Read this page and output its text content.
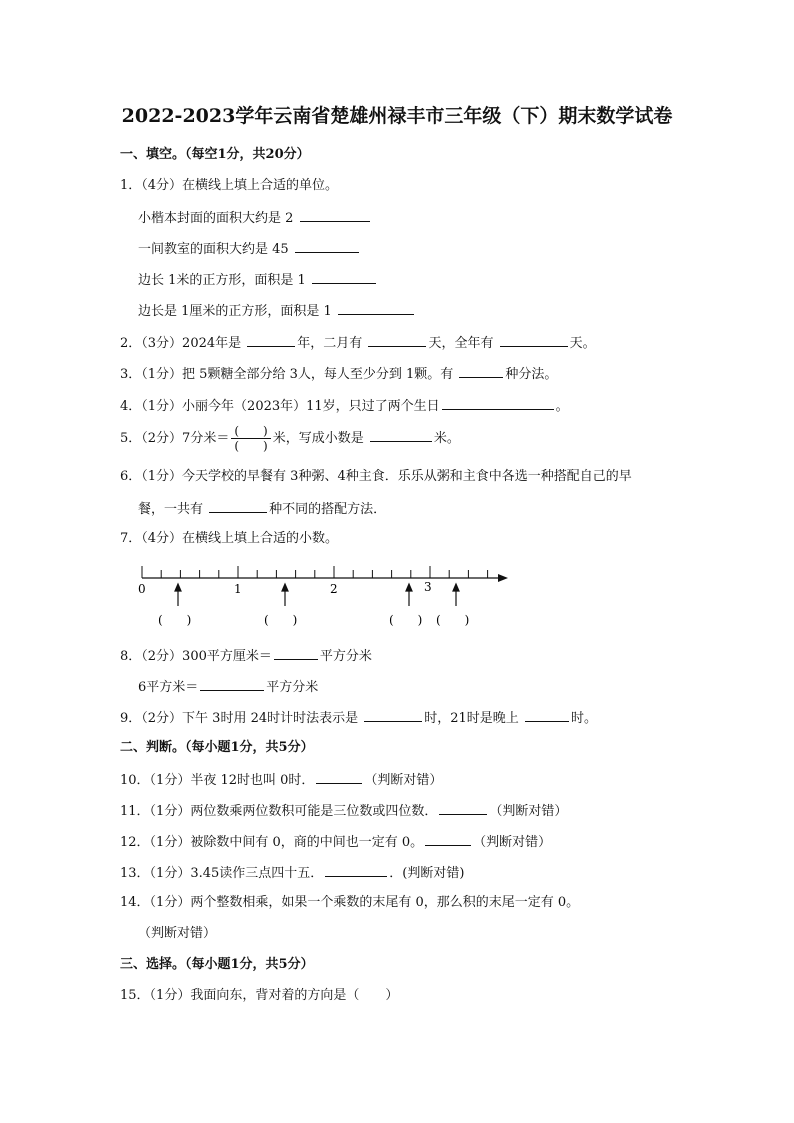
2022-2023学年云南省楚雄州禄丰市三年级（下）期末数学试卷
一、填空。（每空1分，共20分）
1．（4分）在横线上填上合适的单位。
小楷本封面的面积大约是 2
一间教室的面积大约是 45
边长 1米的正方形，面积是 1
边长是 1厘米的正方形，面积是 1
2．（3分）2024年是	年，二月有	天，全年有	天。
3．（1分）把 5颗糖全部分给 3人，每人至少分到 1颗。有	种分法。
4．（1分）小丽今年（2023年）11岁，只过了两个生日	。
5．（2分）7分米＝ $\frac{( )}{( )}$ 米，写成小数是	米。
6．（1分）今天学校的早餐有 3种粥、4种主食．乐乐从粥和主食中各选一种搭配自己的早
餐，一共有	种不同的搭配方法．
7．（4分）在横线上填上合适的小数。
0	1	2	3
(　　)	(　　)	(　　) (　　)
8．（2分）300平方厘米＝	平方分米
6平方米＝	平方分米
9．（2分）下午 3时用 24时计时法表示是	时，21时是晚上	时。
二、判断。（每小题1分，共5分）
10．（1分）半夜 12时也叫 0时．	（判断对错）
11．（1分）两位数乘两位数积可能是三位数或四位数．	（判断对错）
12．（1分）被除数中间有 0，商的中间也一定有 0。	（判断对错）
13．（1分）3.45读作三点四十五．	．(判断对错)
14．（1分）两个整数相乘，如果一个乘数的末尾有 0，那么积的末尾一定有 0。
（判断对错）
三、选择。（每小题1分，共5分）
15．（1分）我面向东，背对着的方向是（　　）
